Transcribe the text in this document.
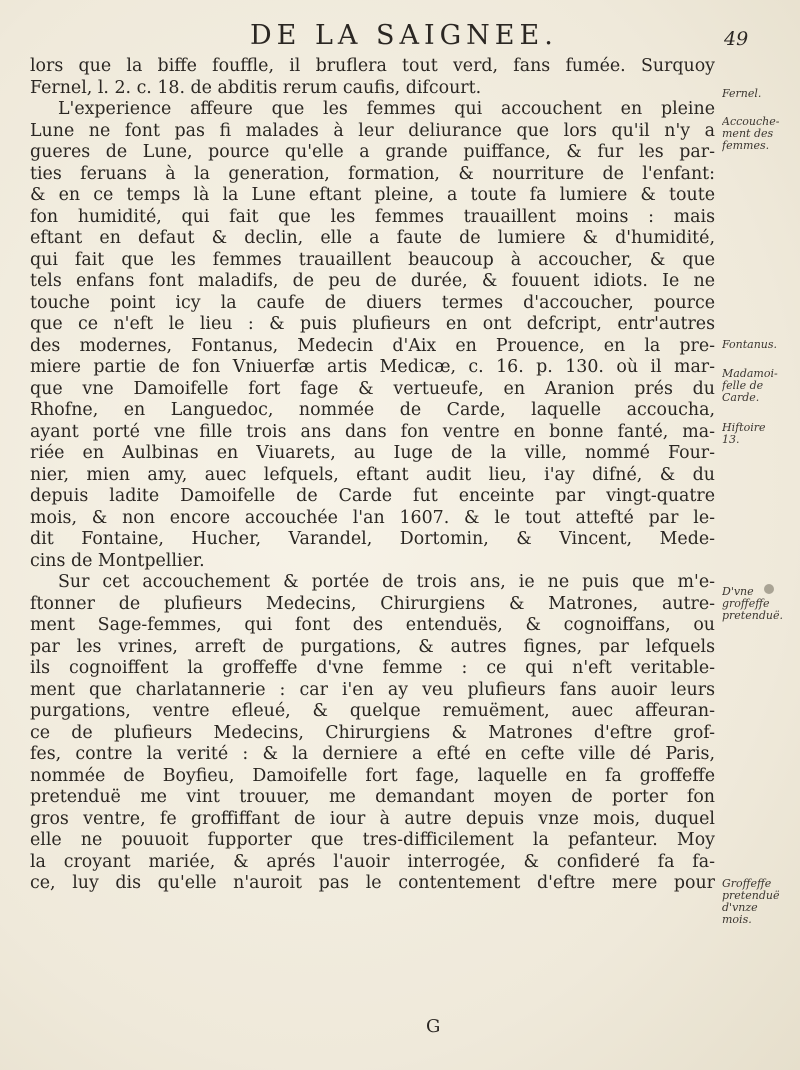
DE LA SAIGNEE.	49
lors que la biffe fouffle, il bruflera tout verd, fans fumée. Surquoy
Fernel, l. 2. c. 18. de abditis rerum caufis, difcourt.
L'experience affeure que les femmes qui accouchent en pleine
Lune ne font pas fi malades à leur deliurance que lors qu'il n'y a
gueres de Lune, pource qu'elle a grande puiffance, & fur les par-
ties feruans à la generation, formation, & nourriture de l'enfant:
& en ce temps là la Lune eftant pleine, a toute fa lumiere & toute
fon humidité, qui fait que les femmes trauaillent moins : mais
eftant en defaut & declin, elle a faute de lumiere & d'humidité,
qui fait que les femmes trauaillent beaucoup à accoucher, & que
tels enfans font maladifs, de peu de durée, & fouuent idiots. Ie ne
touche point icy la caufe de diuers termes d'accoucher, pource
que ce n'eft le lieu : & puis plufieurs en ont defcript, entr'autres
des modernes, Fontanus, Medecin d'Aix en Prouence, en la pre-
miere partie de fon Vniuerfæ artis Medicæ, c. 16. p. 130. où il mar-
que vne Damoifelle fort fage & vertueufe, en Aranion prés du
Rhofne, en Languedoc, nommée de Carde, laquelle accoucha,
ayant porté vne fille trois ans dans fon ventre en bonne fanté, ma-
riée en Aulbinas en Viuarets, au Iuge de la ville, nommé Four-
nier, mien amy, auec lefquels, eftant audit lieu, i'ay difné, & du
depuis ladite Damoifelle de Carde fut enceinte par vingt-quatre
mois, & non encore accouchée l'an 1607. & le tout attefté par le-
dit Fontaine, Hucher, Varandel, Dortomin, & Vincent, Mede-
cins de Montpellier.
Sur cet accouchement & portée de trois ans, ie ne puis que m'e-
ftonner de plufieurs Medecins, Chirurgiens & Matrones, autre-
ment Sage-femmes, qui font des entenduës, & cognoiffans, ou
par les vrines, arreft de purgations, & autres fignes, par lefquels
ils cognoiffent la groffeffe d'vne femme : ce qui n'eft veritable-
ment que charlatannerie : car i'en ay veu plufieurs fans auoir leurs
purgations, ventre efleué, & quelque remuëment, auec affeuran-
ce de plufieurs Medecins, Chirurgiens & Matrones d'eftre grof-
fes, contre la verité : & la derniere a efté en cefte ville dé Paris,
nommée de Boyfieu, Damoifelle fort fage, laquelle en fa groffeffe
pretenduë me vint trouuer, me demandant moyen de porter fon
gros ventre, fe groffiffant de iour à autre depuis vnze mois, duquel
elle ne pouuoit fupporter que tres-difficilement la pefanteur. Moy
la croyant mariée, & aprés l'auoir interrogée, & confideré fa fa-
ce, luy dis qu'elle n'auroit pas le contentement d'eftre mere pour
Fernel.
Accouche-
ment des
femmes.
Fontanus.
Madamoi-
felle de
Carde.
Hiftoire
13.
D'vne
groffeffe
pretenduë.
Groffeffe
pretenduë
d'vnze
mois.
G
